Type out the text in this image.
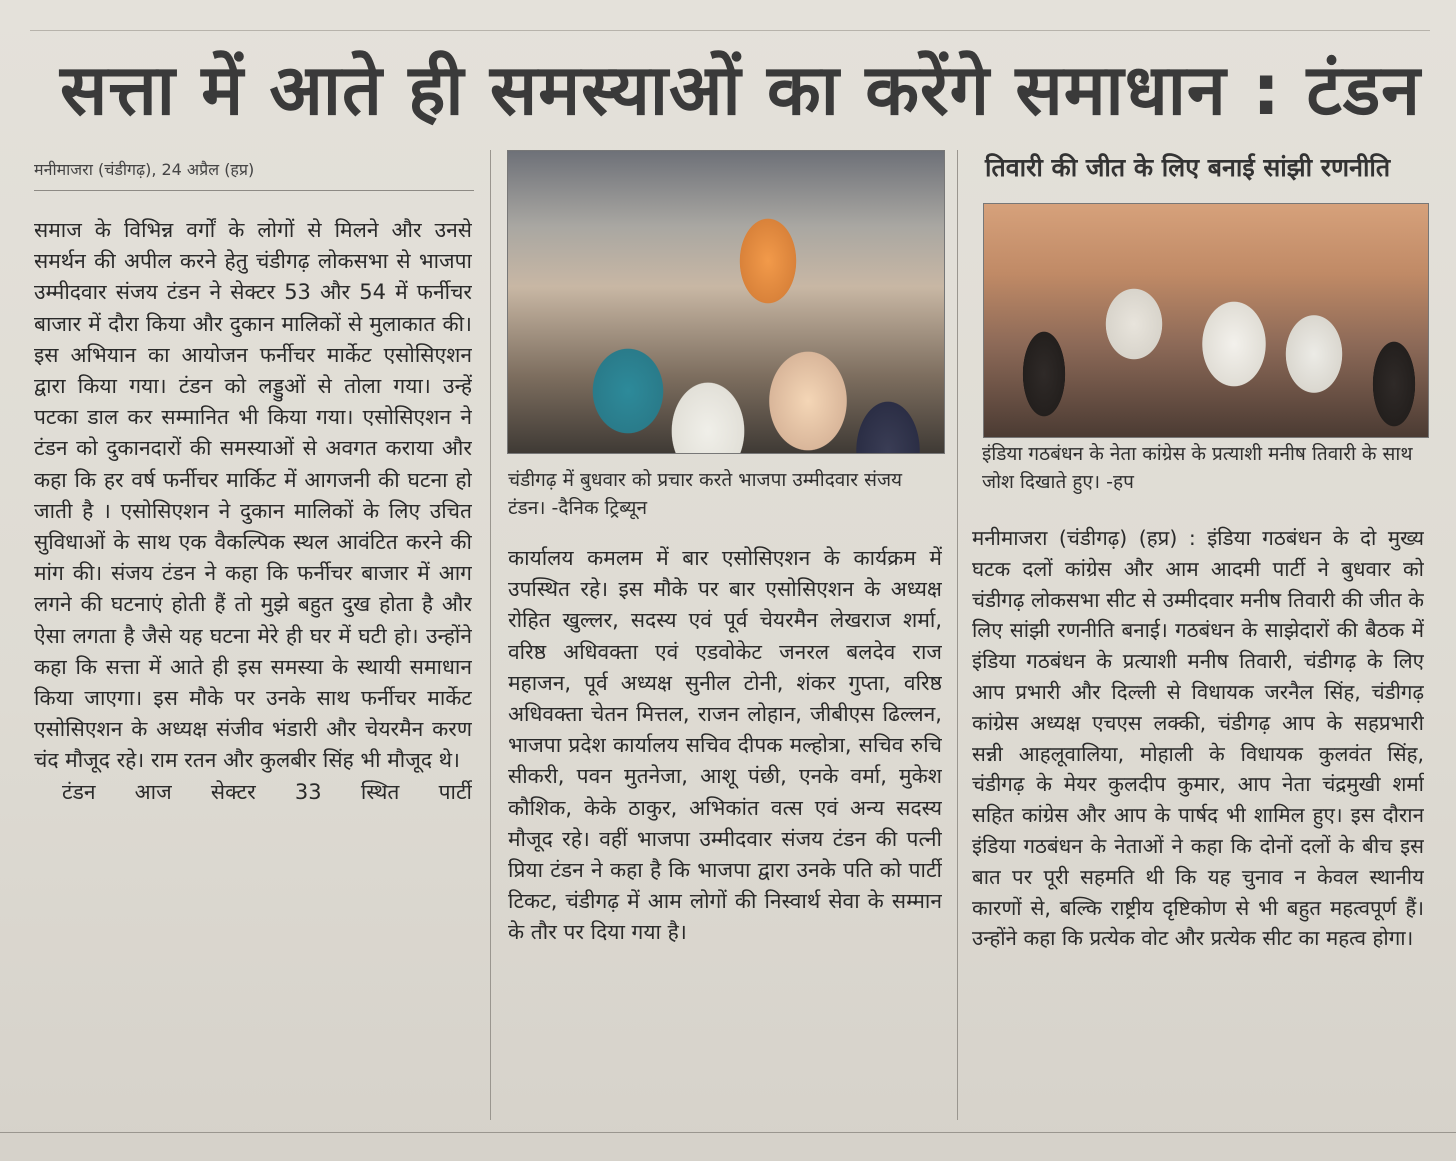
सत्ता में आते ही समस्याओं का करेंगे समाधान : टंडन
मनीमाजरा (चंडीगढ़), 24 अप्रैल (हप्र)
समाज के विभिन्न वर्गों के लोगों से मिलने और उनसे समर्थन की अपील करने हेतु चंडीगढ़ लोकसभा से भाजपा उम्मीदवार संजय टंडन ने सेक्टर 53 और 54 में फर्नीचर बाजार में दौरा किया और दुकान मालिकों से मुलाकात की। इस अभियान का आयोजन फर्नीचर मार्केट एसोसिएशन द्वारा किया गया। टंडन को लड्डुओं से तोला गया। उन्हें पटका डाल कर सम्मानित भी किया गया। एसोसिएशन ने टंडन को दुकानदारों की समस्याओं से अवगत कराया और कहा कि हर वर्ष फर्नीचर मार्किट में आगजनी की घटना हो जाती है । एसोसिएशन ने दुकान मालिकों के लिए उचित सुविधाओं के साथ एक वैकल्पिक स्थल आवंटित करने की मांग की। संजय टंडन ने कहा कि फर्नीचर बाजार में आग लगने की घटनाएं होती हैं तो मुझे बहुत दुख होता है और ऐसा लगता है जैसे यह घटना मेरे ही घर में घटी हो। उन्होंने कहा कि सत्ता में आते ही इस समस्या के स्थायी समाधान किया जाएगा। इस मौके पर उनके साथ फर्नीचर मार्केट एसोसिएशन के अध्यक्ष संजीव भंडारी और चेयरमैन करण चंद मौजूद रहे। राम रतन और कुलबीर सिंह भी मौजूद थे।
टंडन आज सेक्टर 33 स्थित पार्टी
चंडीगढ़ में बुधवार को प्रचार करते भाजपा उम्मीदवार संजय टंडन। -दैनिक ट्रिब्यून
कार्यालय कमलम में बार एसोसिएशन के कार्यक्रम में उपस्थित रहे। इस मौके पर बार एसोसिएशन के अध्यक्ष रोहित खुल्लर, सदस्य एवं पूर्व चेयरमैन लेखराज शर्मा, वरिष्ठ अधिवक्ता एवं एडवोकेट जनरल बलदेव राज महाजन, पूर्व अध्यक्ष सुनील टोनी, शंकर गुप्ता, वरिष्ठ अधिवक्ता चेतन मित्तल, राजन लोहान, जीबीएस ढिल्लन, भाजपा प्रदेश कार्यालय सचिव दीपक मल्होत्रा, सचिव रुचि सीकरी, पवन मुतनेजा, आशू पंछी, एनके वर्मा, मुकेश कौशिक, केके ठाकुर, अभिकांत वत्स एवं अन्य सदस्य मौजूद रहे। वहीं भाजपा उम्मीदवार संजय टंडन की पत्नी प्रिया टंडन ने कहा है कि भाजपा द्वारा उनके पति को पार्टी टिकट, चंडीगढ़ में आम लोगों की निस्वार्थ सेवा के सम्मान के तौर पर दिया गया है।
तिवारी की जीत के लिए बनाई सांझी रणनीति
इंडिया गठबंधन के नेता कांग्रेस के प्रत्याशी मनीष तिवारी के साथ जोश दिखाते हुए। -हप
मनीमाजरा (चंडीगढ़) (हप्र) : इंडिया गठबंधन के दो मुख्य घटक दलों कांग्रेस और आम आदमी पार्टी ने बुधवार को चंडीगढ़ लोकसभा सीट से उम्मीदवार मनीष तिवारी की जीत के लिए सांझी रणनीति बनाई। गठबंधन के साझेदारों की बैठक में इंडिया गठबंधन के प्रत्याशी मनीष तिवारी, चंडीगढ़ के लिए आप प्रभारी और दिल्ली से विधायक जरनैल सिंह, चंडीगढ़ कांग्रेस अध्यक्ष एचएस लक्की, चंडीगढ़ आप के सहप्रभारी सन्नी आहलूवालिया, मोहाली के विधायक कुलवंत सिंह, चंडीगढ़ के मेयर कुलदीप कुमार, आप नेता चंद्रमुखी शर्मा सहित कांग्रेस और आप के पार्षद भी शामिल हुए। इस दौरान इंडिया गठबंधन के नेताओं ने कहा कि दोनों दलों के बीच इस बात पर पूरी सहमति थी कि यह चुनाव न केवल स्थानीय कारणों से, बल्कि राष्ट्रीय दृष्टिकोण से भी बहुत महत्वपूर्ण हैं। उन्होंने कहा कि प्रत्येक वोट और प्रत्येक सीट का महत्व होगा।
